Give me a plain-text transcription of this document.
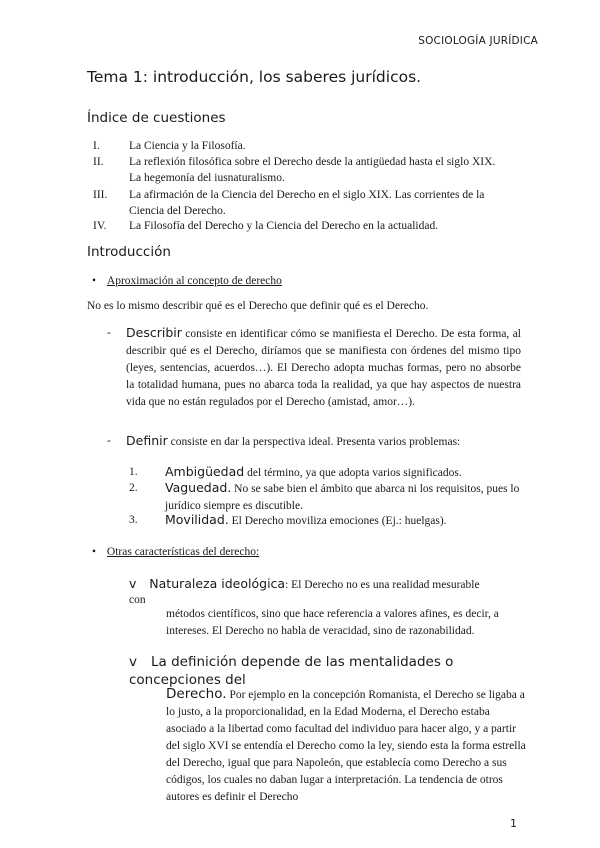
SOCIOLOGÍA JURÍDICA
Tema 1: introducción, los saberes jurídicos.
Índice de cuestiones
I.	La Ciencia y la Filosofía.
II. La reflexión filosófica sobre el Derecho desde la antigüedad hasta el siglo XIX. La hegemonía del iusnaturalismo.
III. La afirmación de la Ciencia del Derecho en el siglo XIX. Las corrientes de la Ciencia del Derecho.
IV. La Filosofía del Derecho y la Ciencia del Derecho en la actualidad.
Introducción
• Aproximación al concepto de derecho
No es lo mismo describir qué es el Derecho que definir qué es el Derecho.
- Describir consiste en identificar cómo se manifiesta el Derecho. De esta forma, al describir qué es el Derecho, diríamos que se manifiesta con órdenes del mismo tipo (leyes, sentencias, acuerdos…). El Derecho adopta muchas formas, pero no absorbe la totalidad humana, pues no abarca toda la realidad, ya que hay aspectos de nuestra vida que no están regulados por el Derecho (amistad, amor…).
- Definir consiste en dar la perspectiva ideal. Presenta varios problemas:
1. Ambigüedad del término, ya que adopta varios significados.
2. Vaguedad. No se sabe bien el ámbito que abarca ni los requisitos, pues lo jurídico siempre es discutible.
3. Movilidad. El Derecho moviliza emociones (Ej.: huelgas).
• Otras características del derecho:
v Naturaleza ideológica: El Derecho no es una realidad mesurable
con
métodos científicos, sino que hace referencia a valores afines, es decir, a intereses. El Derecho no habla de veracidad, sino de razonabilidad.
v La definición depende de las mentalidades o concepciones del
Derecho. Por ejemplo en la concepción Romanista, el Derecho se ligaba a lo justo, a la proporcionalidad, en la Edad Moderna, el Derecho estaba asociado a la libertad como facultad del individuo para hacer algo, y a partir del siglo XVI se entendía el Derecho como la ley, siendo esta la forma estrella del Derecho, igual que para Napoleón, que establecía como Derecho a sus códigos, los cuales no daban lugar a interpretación. La tendencia de otros autores es definir el Derecho
1
